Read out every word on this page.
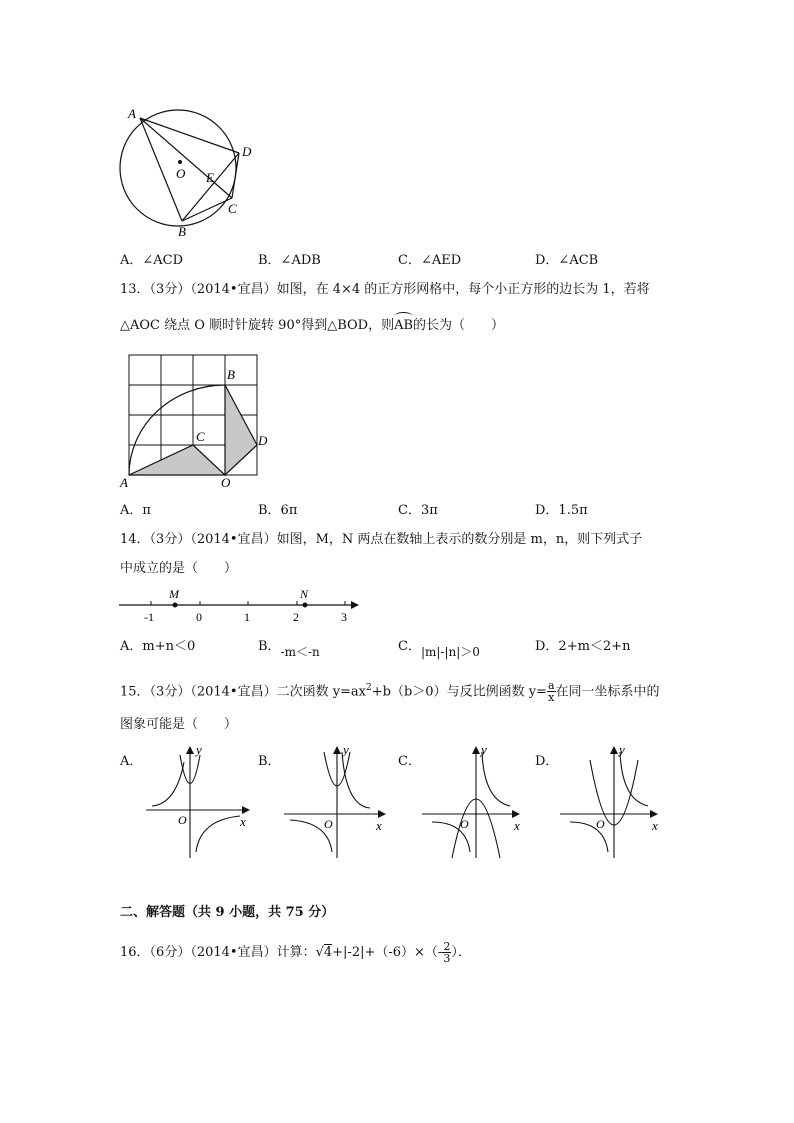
A
O
D
E
C
B
A．∠ACD	B．∠ADB	C．∠AED	D．∠ACB
13．（3分）（2014•宜昌）如图，在 4×4 的正方形网格中，每个小正方形的边长为 1，若将
△AOC 绕点 O 顺时针旋转 90°得到△BOD，则AB的长为（　　）
A	O
C
B
D
A．π	B．6π	C．3π	D．1.5π
14．（3分）（2014•宜昌）如图，M，N 两点在数轴上表示的数分别是 m，n，则下列式子
中成立的是（　　）
M	N
-1	0	1	2	3
A．m+n＜0	B．-m＜-n	C．|m|-|n|＞0	D．2+m＜2+n
15．（3分）（2014•宜昌）二次函数 $y=ax^2+b(b>0)$与反比例函数 $y= \frac{a}{x}$ 在同一坐标系中的
图象可能是（　　）
A．	B．	C．	D．
y
x
O
y
x
O
y
x
O
y
x
O
二、解答题（共 9 小题，共 75 分）
16．（6分）（2014•宜昌）计算：$√4+|-2|+(-6)\times(- \frac{2}{3}$ ）．
